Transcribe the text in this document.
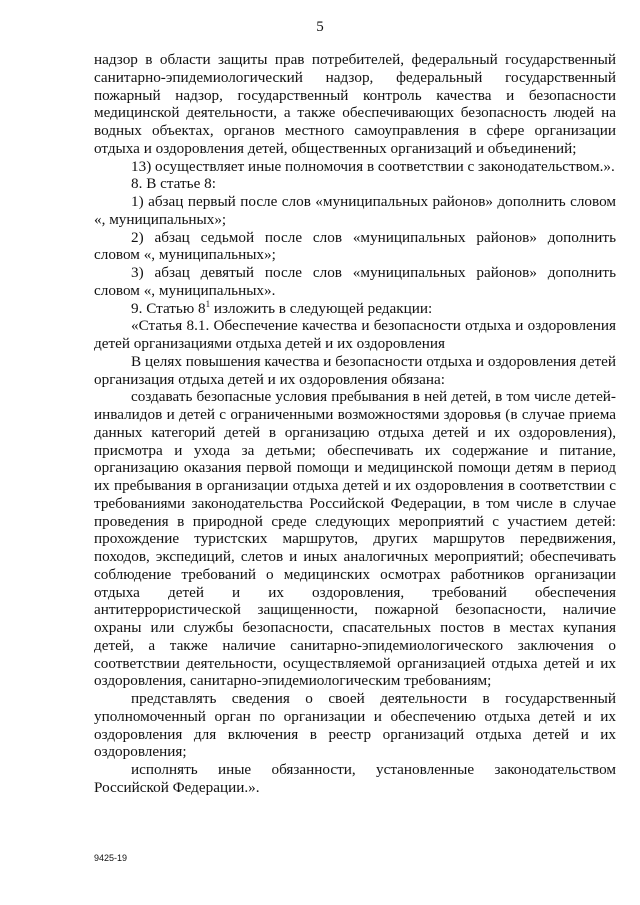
5

надзор в области защиты прав потребителей, федеральный государственный санитарно-эпидемиологический надзор, федеральный государственный пожарный надзор, государственный контроль качества и безопасности медицинской деятельности, а также обеспечивающих безопасность людей на водных объектах, органов местного самоуправления в сфере организации отдыха и оздоровления детей, общественных организаций и объединений;

13) осуществляет иные полномочия в соответствии с законодательством.».

8. В статье 8:

1) абзац первый после слов «муниципальных районов» дополнить словом «, муниципальных»;

2) абзац седьмой после слов «муниципальных районов» дополнить словом «, муниципальных»;

3) абзац девятый после слов «муниципальных районов» дополнить словом «, муниципальных».

9. Статью $8^1$ изложить в следующей редакции:

«Статья 8.1. Обеспечение качества и безопасности отдыха и оздоровления детей организациями отдыха детей и их оздоровления

В целях повышения качества и безопасности отдыха и оздоровления детей организация отдыха детей и их оздоровления обязана:

создавать безопасные условия пребывания в ней детей, в том числе детей-инвалидов и детей с ограниченными возможностями здоровья (в случае приема данных категорий детей в организацию отдыха детей и их оздоровления), присмотра и ухода за детьми; обеспечивать их содержание и питание, организацию оказания первой помощи и медицинской помощи детям в период их пребывания в организации отдыха детей и их оздоровления в соответствии с требованиями законодательства Российской Федерации, в том числе в случае проведения в природной среде следующих мероприятий с участием детей: прохождение туристских маршрутов, других маршрутов передвижения, походов, экспедиций, слетов и иных аналогичных мероприятий; обеспечивать соблюдение требований о медицинских осмотрах работников организации отдыха детей и их оздоровления, требований обеспечения антитеррористической защищенности, пожарной безопасности, наличие охраны или службы безопасности, спасательных постов в местах купания детей, а также наличие санитарно-эпидемиологического заключения о соответствии деятельности, осуществляемой организацией отдыха детей и их оздоровления, санитарно-эпидемиологическим требованиям;

представлять сведения о своей деятельности в государственный уполномоченный орган по организации и обеспечению отдыха детей и их оздоровления для включения в реестр организаций отдыха детей и их оздоровления;

исполнять иные обязанности, установленные законодательством Российской Федерации.».

9425-19
